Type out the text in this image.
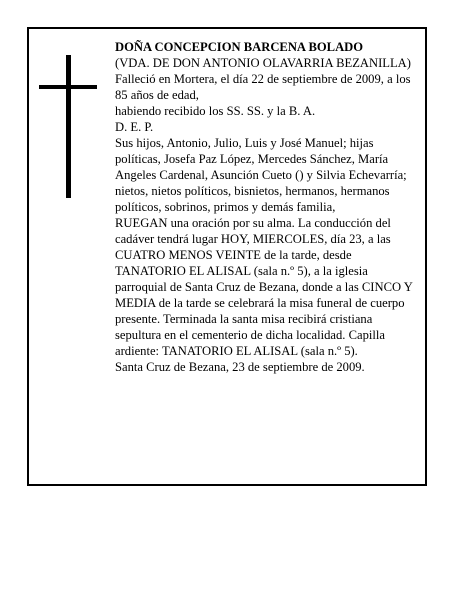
DOÑA CONCEPCION BARCENA BOLADO

(VDA. DE DON ANTONIO OLAVARRIA BEZANILLA)

Falleció en Mortera, el día 22 de septiembre de 2009, a los 85 años de edad,

habiendo recibido los SS. SS. y la B. A.

D. E. P.

Sus hijos, Antonio, Julio, Luis y José Manuel; hijas políticas, Josefa Paz López, Mercedes Sánchez, María Angeles Cardenal, Asunción Cueto () y Silvia Echevarría; nietos, nietos políticos, bisnietos, hermanos, hermanos políticos, sobrinos, primos y demás familia,

RUEGAN una oración por su alma. La conducción del cadáver tendrá lugar HOY, MIERCOLES, día 23, a las CUATRO MENOS VEINTE de la tarde, desde TANATORIO EL ALISAL (sala n.º 5), a la iglesia parroquial de Santa Cruz de Bezana, donde a las CINCO Y MEDIA de la tarde se celebrará la misa funeral de cuerpo presente. Terminada la santa misa recibirá cristiana sepultura en el cementerio de dicha localidad. Capilla ardiente: TANATORIO EL ALISAL (sala n.º 5).

Santa Cruz de Bezana, 23 de septiembre de 2009.
